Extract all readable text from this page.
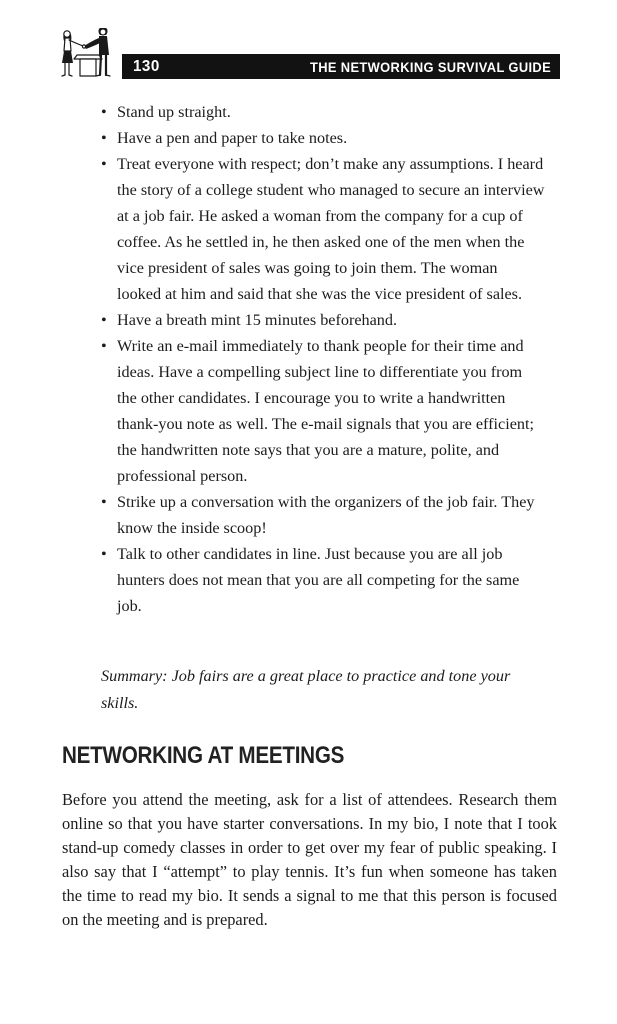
130	THE NETWORKING SURVIVAL GUIDE
• Stand up straight.
• Have a pen and paper to take notes.
• Treat everyone with respect; don’t make any assumptions. I heard the story of a college student who managed to secure an interview at a job fair. He asked a woman from the company for a cup of coffee. As he settled in, he then asked one of the men when the vice president of sales was going to join them. The woman looked at him and said that she was the vice president of sales.
• Have a breath mint 15 minutes beforehand.
• Write an e-mail immediately to thank people for their time and ideas. Have a compelling subject line to differentiate you from the other candidates. I encourage you to write a handwritten thank-you note as well. The e-mail signals that you are efficient; the handwritten note says that you are a mature, polite, and professional person.
• Strike up a conversation with the organizers of the job fair. They know the inside scoop!
• Talk to other candidates in line. Just because you are all job hunters does not mean that you are all competing for the same job.

Summary: Job fairs are a great place to practice and tone your skills.

NETWORKING AT MEETINGS

Before you attend the meeting, ask for a list of attendees. Research them online so that you have starter conversations. In my bio, I note that I took stand-up comedy classes in order to get over my fear of public speaking. I also say that I “attempt” to play tennis. It’s fun when someone has taken the time to read my bio. It sends a signal to me that this person is focused on the meeting and is prepared.
